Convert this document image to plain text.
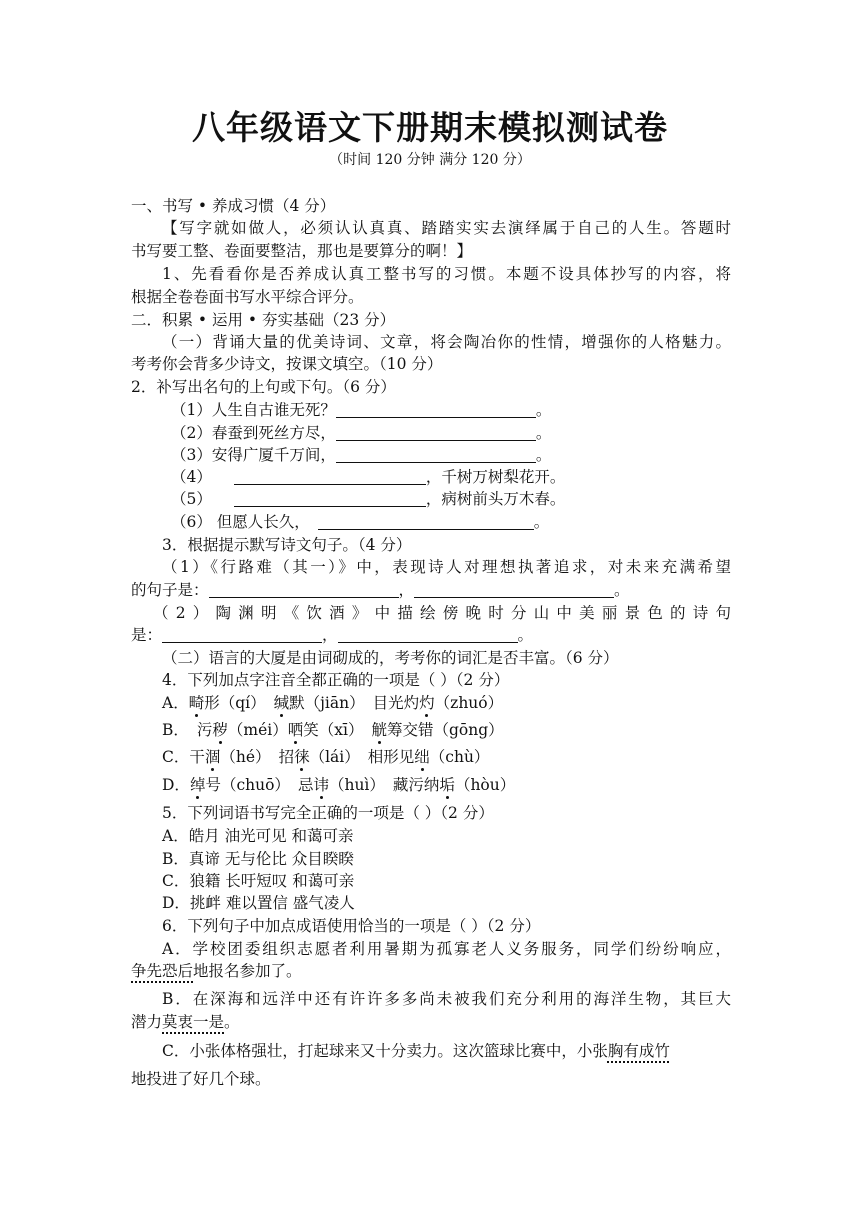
八年级语文下册期末模拟测试卷
（时间 120 分钟 满分 120 分）
一、书写 • 养成习惯（4 分）
【写字就如做人，必须认认真真、踏踏实实去演绎属于自己的人生。答题时
书写要工整、卷面要整洁，那也是要算分的啊！】
1、先看看你是否养成认真工整书写的习惯。本题不设具体抄写的内容，将
根据全卷卷面书写水平综合评分。
二．积累 • 运用 • 夯实基础（23 分）
（一）背诵大量的优美诗词、文章，将会陶冶你的性情，增强你的人格魅力。
考考你会背多少诗文，按课文填空。（10 分）
2．补写出名句的上句或下句。（6 分）
（1）人生自古谁无死？	。
（2）春蚕到死丝方尽，	。
（3）安得广厦千万间，	。
（4）	，千树万树梨花开。
（5）	，病树前头万木春。
（6） 但愿人长久，	。
3．根据提示默写诗文句子。（4 分）
（1）《行路难（其一）》中，表现诗人对理想执著追求，对未来充满希望
的句子是：	，	。
（2）陶渊明《饮酒》中描绘傍晚时分山中美丽景色的诗句
是：	，	。
（二）语言的大厦是由词砌成的，考考你的词汇是否丰富。（6 分）
4．下列加点字注音全都正确的一项是（ ）（2 分）
A．畸形（qí） 缄默（jiān） 目光灼灼（zhuó）
B． 污秽（méi）哂笑（xī） 觥筹交错（gōng）
C．干涸（hé） 招徕（lái） 相形见绌（chù）
D．绰号（chuō） 忌讳（huì） 藏污纳垢（hòu）
5．下列词语书写完全正确的一项是（ ）（2 分）
A．皓月 油光可见 和蔼可亲
B．真谛 无与伦比 众目睽睽
C．狼籍 长吁短叹 和蔼可亲
D．挑衅 难以置信 盛气凌人
6．下列句子中加点成语使用恰当的一项是（ ）（2 分）
A．学校团委组织志愿者利用暑期为孤寡老人义务服务，同学们纷纷响应，
争先恐后地报名参加了。
B．在深海和远洋中还有许许多多尚未被我们充分利用的海洋生物，其巨大
潜力莫衷一是。
C．小张体格强壮，打起球来又十分卖力。这次篮球比赛中，小张胸有成竹
地投进了好几个球。
